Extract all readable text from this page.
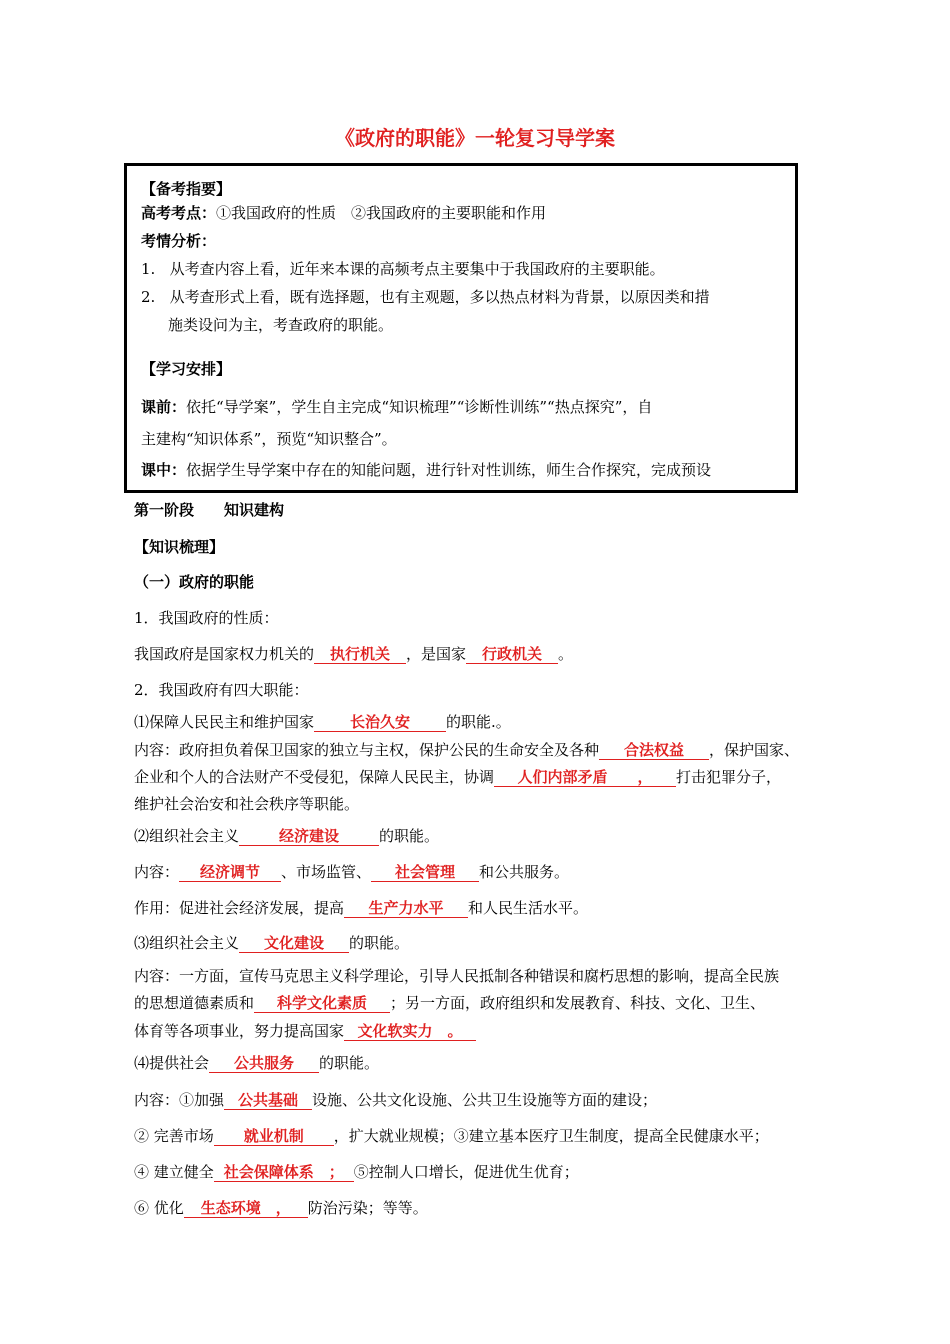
《政府的职能》一轮复习导学案
【备考指要】
高考考点：①我国政府的性质　②我国政府的主要职能和作用
考情分析：
1. 从考查内容上看，近年来本课的高频考点主要集中于我国政府的主要职能。
2. 从考查形式上看，既有选择题，也有主观题，多以热点材料为背景，以原因类和措
施类设问为主，考查政府的职能。
【学习安排】
课前：依托“导学案”，学生自主完成“知识梳理”“诊断性训练”“热点探究”，自
主建构“知识体系”，预览“知识整合”。
课中：依据学生导学案中存在的知能问题，进行针对性训练，师生合作探究，完成预设
第一阶段　　知识建构
【知识梳理】
（一）政府的职能
1．我国政府的性质：
我国政府是国家权力机关的 执行机关 ，是国家 行政机关 。
2．我国政府有四大职能：
⑴保障人民民主和维护国家 长治久安 的职能.。
内容：政府担负着保卫国家的独立与主权，保护公民的生命安全及各种 合法权益 ，保护国家、
企业和个人的合法财产不受侵犯，保障人民民主，协调 人们内部矛盾　　， 打击犯罪分子，
维护社会治安和社会秩序等职能。
⑵组织社会主义	经济建设	的职能。
内容： 经济调节 、市场监管、 社会管理 和公共服务。
作用：促进社会经济发展，提高 生产力水平 和人民生活水平。
⑶组织社会主义 文化建设 的职能。
内容：一方面，宣传马克思主义科学理论，引导人民抵制各种错误和腐朽思想的影响，提高全民族
的思想道德素质和 科学文化素质 ；另一方面，政府组织和发展教育、科技、文化、卫生、
体育等各项事业，努力提高国家 文化软实力　。
⑷提供社会 公共服务 的职能。
内容：①加强 公共基础 设施、公共文化设施、公共卫生设施等方面的建设；
② 完善市场 就业机制 ，扩大就业规模；③建立基本医疗卫生制度，提高全民健康水平；
④ 建立健全 社会保障体系　； ⑤控制人口增长，促进优生优育；
⑥ 优化 生态环境　， 防治污染；等等。
